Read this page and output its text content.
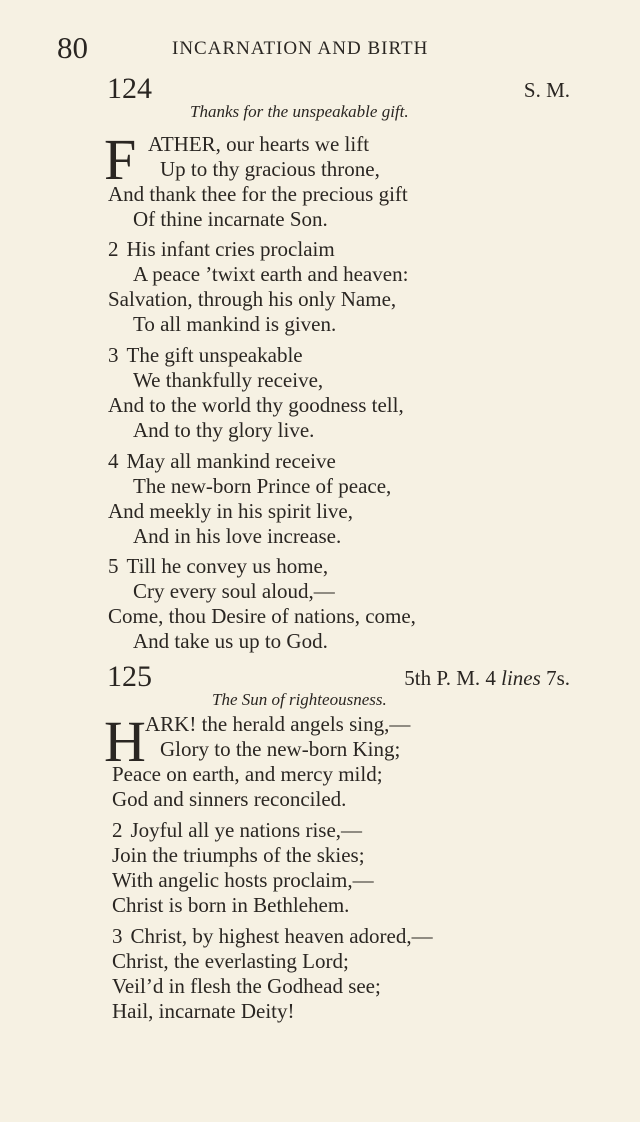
80	INCARNATION AND BIRTH
124	S. M.
Thanks for the unspeakable gift.
F ATHER, our hearts we lift
Up to thy gracious throne,
And thank thee for the precious gift
Of thine incarnate Son.
2 His infant cries proclaim
A peace ’twixt earth and heaven:
Salvation, through his only Name,
To all mankind is given.
3 The gift unspeakable
We thankfully receive,
And to the world thy goodness tell,
And to thy glory live.
4 May all mankind receive
The new-born Prince of peace,
And meekly in his spirit live,
And in his love increase.
5 Till he convey us home,
Cry every soul aloud,—
Come, thou Desire of nations, come,
And take us up to God.
125	5th P. M. 4 lines 7s.
The Sun of righteousness.
H ARK! the herald angels sing,—
Glory to the new-born King;
Peace on earth, and mercy mild;
God and sinners reconciled.
2 Joyful all ye nations rise,—
Join the triumphs of the skies;
With angelic hosts proclaim,—
Christ is born in Bethlehem.
3 Christ, by highest heaven adored,—
Christ, the everlasting Lord;
Veil’d in flesh the Godhead see;
Hail, incarnate Deity!
